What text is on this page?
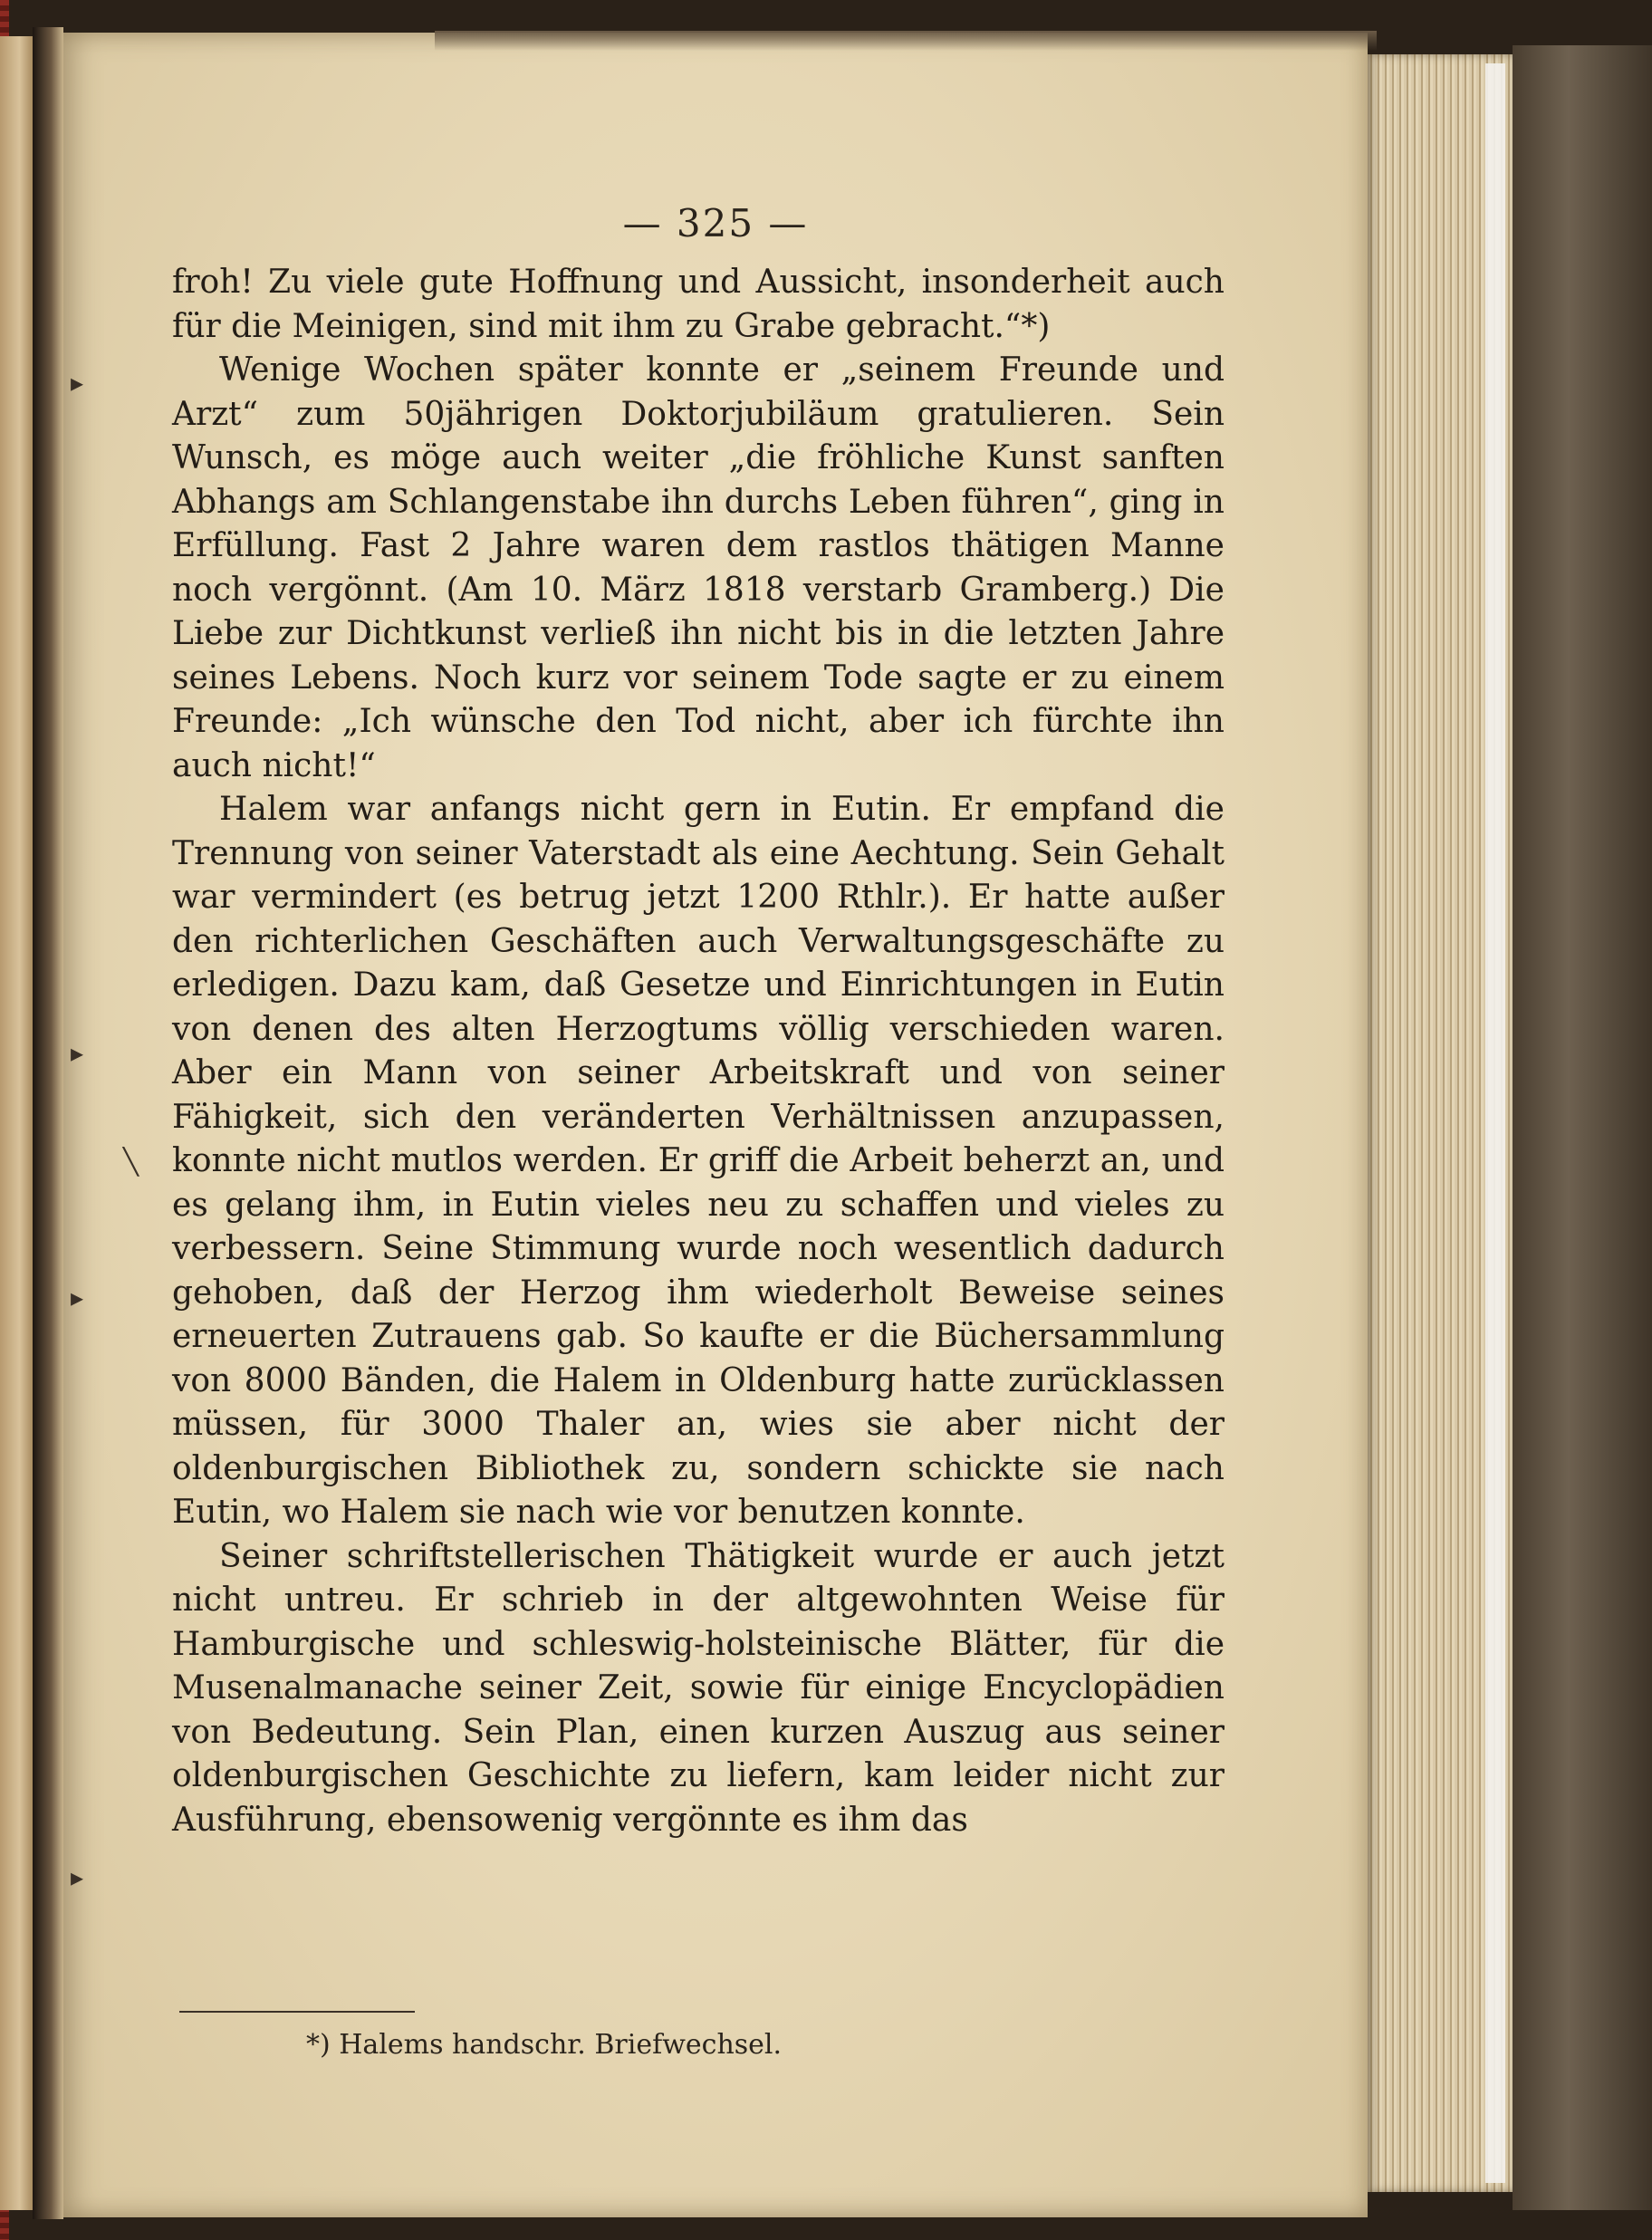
— 325 —

froh! Zu viele gute Hoffnung und Aussicht, insonderheit auch für die Meinigen, sind mit ihm zu Grabe gebracht.“*)

Wenige Wochen später konnte er „seinem Freunde und Arzt“ zum 50jährigen Doktorjubiläum gratulieren. Sein Wunsch, es möge auch weiter „die fröhliche Kunst sanften Abhangs am Schlangenstabe ihn durchs Leben führen“, ging in Erfüllung. Fast 2 Jahre waren dem rastlos thätigen Manne noch vergönnt. (Am 10. März 1818 verstarb Gramberg.) Die Liebe zur Dichtkunst verließ ihn nicht bis in die letzten Jahre seines Lebens. Noch kurz vor seinem Tode sagte er zu einem Freunde: „Ich wünsche den Tod nicht, aber ich fürchte ihn auch nicht!“

Halem war anfangs nicht gern in Eutin. Er empfand die Trennung von seiner Vaterstadt als eine Aechtung. Sein Gehalt war vermindert (es betrug jetzt 1200 Rthlr.). Er hatte außer den richterlichen Geschäften auch Verwaltungsgeschäfte zu erledigen. Dazu kam, daß Gesetze und Einrichtungen in Eutin von denen des alten Herzogtums völlig verschieden waren. Aber ein Mann von seiner Arbeitskraft und von seiner Fähigkeit, sich den veränderten Verhältnissen anzupassen, konnte nicht mutlos werden. Er griff die Arbeit beherzt an, und es gelang ihm, in Eutin vieles neu zu schaffen und vieles zu verbessern. Seine Stimmung wurde noch wesentlich dadurch gehoben, daß der Herzog ihm wiederholt Beweise seines erneuerten Zutrauens gab. So kaufte er die Büchersammlung von 8000 Bänden, die Halem in Oldenburg hatte zurücklassen müssen, für 3000 Thaler an, wies sie aber nicht der oldenburgischen Bibliothek zu, sondern schickte sie nach Eutin, wo Halem sie nach wie vor benutzen konnte.

Seiner schriftstellerischen Thätigkeit wurde er auch jetzt nicht untreu. Er schrieb in der altgewohnten Weise für Hamburgische und schleswig-holsteinische Blätter, für die Musenalmanache seiner Zeit, sowie für einige Encyclopädien von Bedeutung. Sein Plan, einen kurzen Auszug aus seiner oldenburgischen Geschichte zu liefern, kam leider nicht zur Ausführung, ebensowenig vergönnte es ihm das

*) Halems handschr. Briefwechsel.
▸
▸
╲
▸
▸
